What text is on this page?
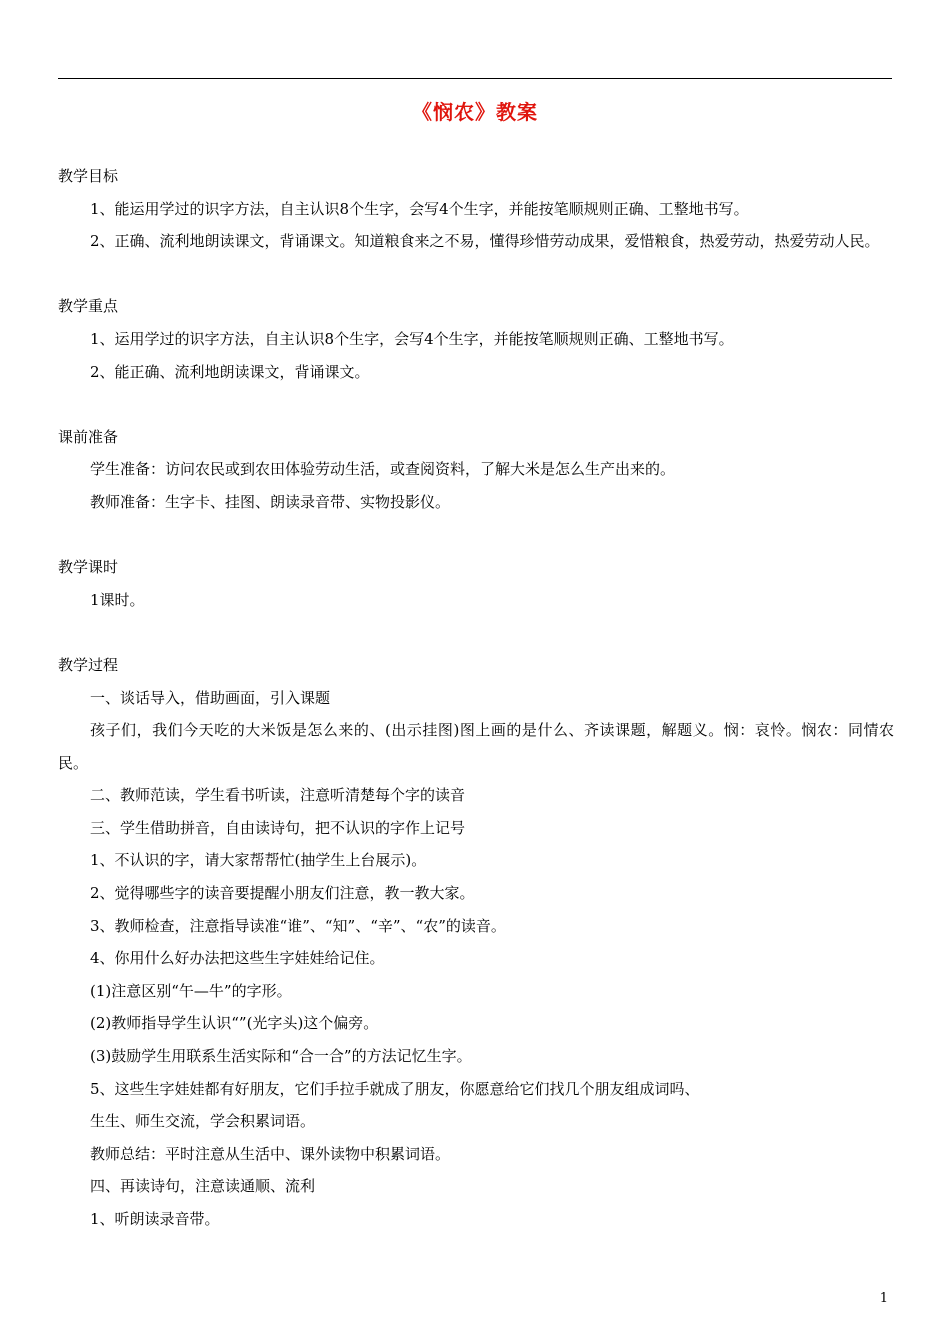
《悯农》教案

教学目标

1、能运用学过的识字方法，自主认识8个生字，会写4个生字，并能按笔顺规则正确、工整地书写。

2、正确、流利地朗读课文，背诵课文。知道粮食来之不易，懂得珍惜劳动成果，爱惜粮食，热爱劳动，热爱劳动人民。

教学重点

1、运用学过的识字方法，自主认识8个生字，会写4个生字，并能按笔顺规则正确、工整地书写。

2、能正确、流利地朗读课文，背诵课文。

课前准备

学生准备：访问农民或到农田体验劳动生活，或查阅资料，了解大米是怎么生产出来的。

教师准备：生字卡、挂图、朗读录音带、实物投影仪。

教学课时

1课时。

教学过程

一、谈话导入，借助画面，引入课题

孩子们，我们今天吃的大米饭是怎么来的、(出示挂图)图上画的是什么、齐读课题，解题义。悯：哀怜。悯农：同情农民。

二、教师范读，学生看书听读，注意听清楚每个字的读音

三、学生借助拼音，自由读诗句，把不认识的字作上记号

1、不认识的字，请大家帮帮忙(抽学生上台展示)。

2、觉得哪些字的读音要提醒小朋友们注意，教一教大家。

3、教师检查，注意指导读准“谁”、“知”、“辛”、“农”的读音。

4、你用什么好办法把这些生字娃娃给记住。

(1)注意区别“午—牛”的字形。

(2)教师指导学生认识“”(光字头)这个偏旁。

(3)鼓励学生用联系生活实际和“合一合”的方法记忆生字。

5、这些生字娃娃都有好朋友，它们手拉手就成了朋友，你愿意给它们找几个朋友组成词吗、

生生、师生交流，学会积累词语。

教师总结：平时注意从生活中、课外读物中积累词语。

四、再读诗句，注意读通顺、流利

1、听朗读录音带。

1
